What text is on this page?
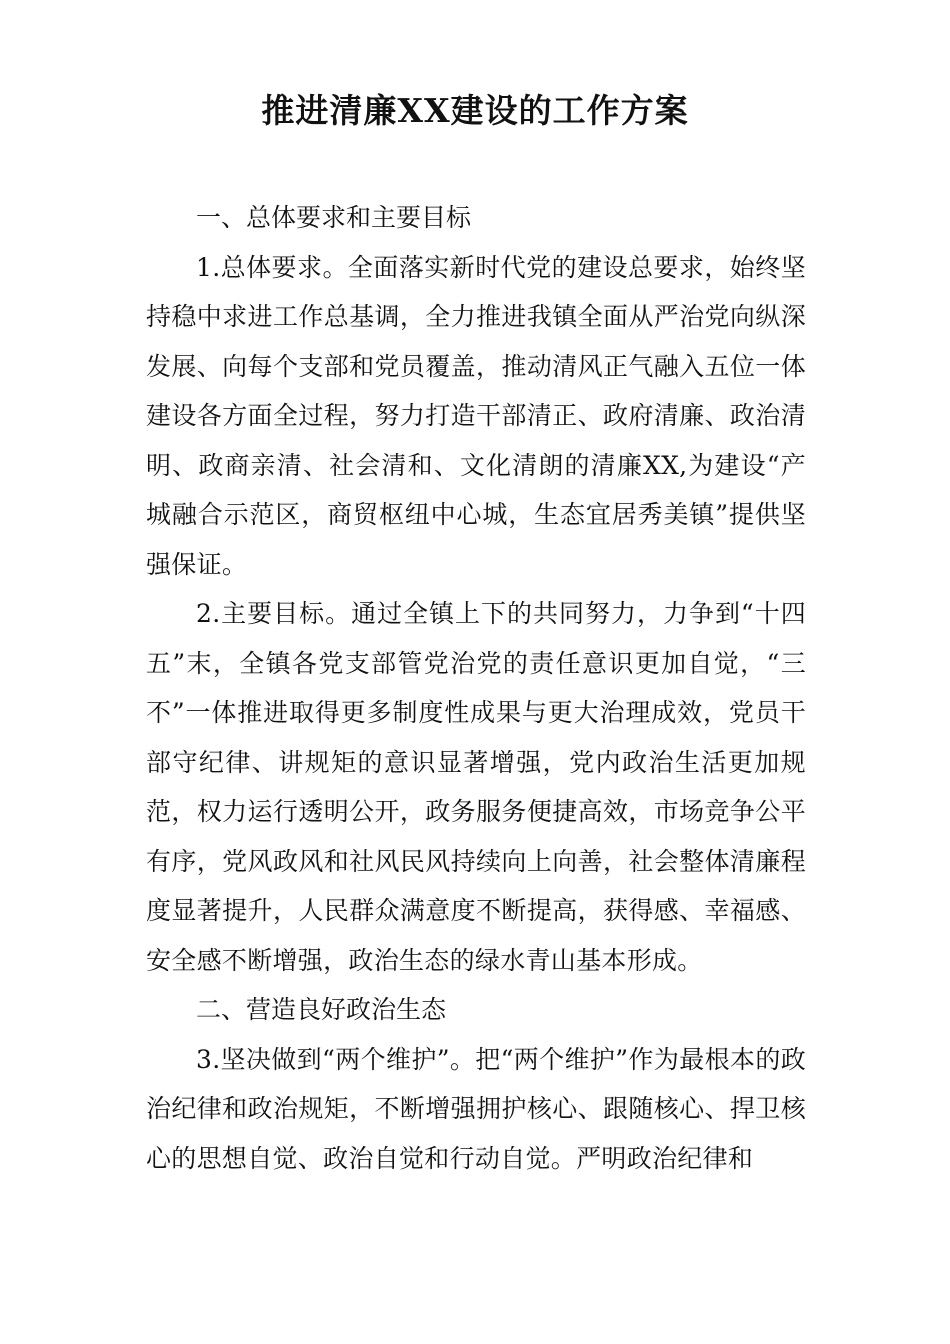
推进清廉XX建设的工作方案

一、总体要求和主要目标

1.总体要求。全面落实新时代党的建设总要求，始终坚持稳中求进工作总基调，全力推进我镇全面从严治党向纵深发展、向每个支部和党员覆盖，推动清风正气融入五位一体建设各方面全过程，努力打造干部清正、政府清廉、政治清明、政商亲清、社会清和、文化清朗的清廉XX,为建设“产城融合示范区，商贸枢纽中心城，生态宜居秀美镇”提供坚强保证。

2.主要目标。通过全镇上下的共同努力，力争到“十四五”末，全镇各党支部管党治党的责任意识更加自觉，“三不”一体推进取得更多制度性成果与更大治理成效，党员干部守纪律、讲规矩的意识显著增强，党内政治生活更加规范，权力运行透明公开，政务服务便捷高效，市场竞争公平有序，党风政风和社风民风持续向上向善，社会整体清廉程度显著提升，人民群众满意度不断提高，获得感、幸福感、安全感不断增强，政治生态的绿水青山基本形成。

二、营造良好政治生态

3.坚决做到“两个维护”。把“两个维护”作为最根本的政治纪律和政治规矩，不断增强拥护核心、跟随核心、捍卫核心的思想自觉、政治自觉和行动自觉。严明政治纪律和
